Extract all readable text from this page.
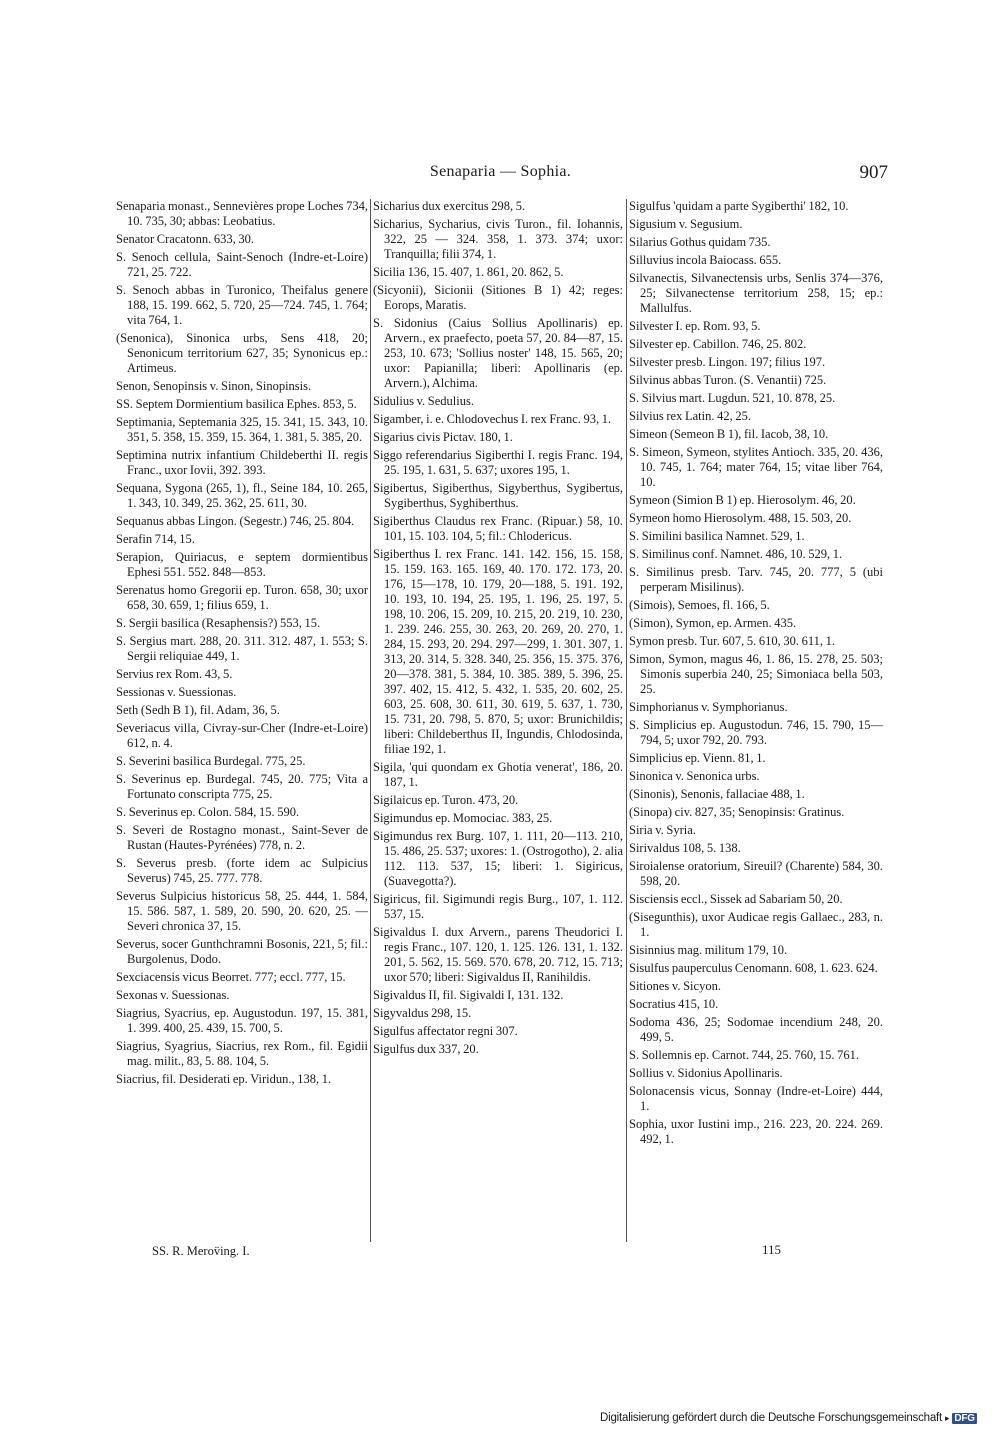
Senaparia — Sophia.	907
Senaparia monast., Sennevières prope Loches 734, 10. 735, 30; abbas: Leobatius.
Senator Cracatonn. 633, 30.
S. Senoch cellula, Saint-Senoch (Indre-et-Loire) 721, 25. 722.
S. Senoch abbas in Turonico, Theifalus genere 188, 15. 199. 662, 5. 720, 25—724. 745, 1. 764; vita 764, 1.
(Senonica), Sinonica urbs, Sens 418, 20; Senonicum territorium 627, 35; Synonicus ep.: Artimeus.
Senon, Senopinsis v. Sinon, Sinopinsis.
SS. Septem Dormientium basilica Ephes. 853, 5.
Septimania, Septemania 325, 15. 341, 15. 343, 10. 351, 5. 358, 15. 359, 15. 364, 1. 381, 5. 385, 20.
Septimina nutrix infantium Childeberthi II. regis Franc., uxor Iovii, 392. 393.
Sequana, Sygona (265, 1), fl., Seine 184, 10. 265, 1. 343, 10. 349, 25. 362, 25. 611, 30.
Sequanus abbas Lingon. (Segestr.) 746, 25. 804.
Serafin 714, 15.
Serapion, Quiriacus, e septem dormientibus Ephesi 551. 552. 848—853.
Serenatus homo Gregorii ep. Turon. 658, 30; uxor 658, 30. 659, 1; filius 659, 1.
S. Sergii basilica (Resaphensis?) 553, 15.
S. Sergius mart. 288, 20. 311. 312. 487, 1. 553; S. Sergii reliquiae 449, 1.
Servius rex Rom. 43, 5.
Sessionas v. Suessionas.
Seth (Sedh B 1), fil. Adam, 36, 5.
Severiacus villa, Civray-sur-Cher (Indre-et-Loire) 612, n. 4.
S. Severini basilica Burdegal. 775, 25.
S. Severinus ep. Burdegal. 745, 20. 775; Vita a Fortunato conscripta 775, 25.
S. Severinus ep. Colon. 584, 15. 590.
S. Severi de Rostagno monast., Saint-Sever de Rustan (Hautes-Pyrénées) 778, n. 2.
S. Severus presb. (forte idem ac Sulpicius Severus) 745, 25. 777. 778.
Severus Sulpicius historicus 58, 25. 444, 1. 584, 15. 586. 587, 1. 589, 20. 590, 20. 620, 25. — Severi chronica 37, 15.
Severus, socer Gunthchramni Bosonis, 221, 5; fil.: Burgolenus, Dodo.
Sexciacensis vicus Beorret. 777; eccl. 777, 15.
Sexonas v. Suessionas.
Siagrius, Syacrius, ep. Augustodun. 197, 15. 381, 1. 399. 400, 25. 439, 15. 700, 5.
Siagrius, Syagrius, Siacrius, rex Rom., fil. Egidii mag. milit., 83, 5. 88. 104, 5.
Siacrius, fil. Desiderati ep. Viridun., 138, 1.
Sicharius dux exercitus 298, 5.
Sicharius, Sycharius, civis Turon., fil. Iohannis, 322, 25 — 324. 358, 1. 373. 374; uxor: Tranquilla; filii 374, 1.
Sicilia 136, 15. 407, 1. 861, 20. 862, 5.
(Sicyonii), Sicionii (Sitiones B 1) 42; reges: Eorops, Maratis.
S. Sidonius (Caius Sollius Apollinaris) ep. Arvern., ex praefecto, poeta 57, 20. 84—87, 15. 253, 10. 673; 'Sollius noster' 148, 15. 565, 20; uxor: Papianilla; liberi: Apollinaris (ep. Arvern.), Alchima.
Sidulius v. Sedulius.
Sigamber, i. e. Chlodovechus I. rex Franc. 93, 1.
Sigarius civis Pictav. 180, 1.
Siggo referendarius Sigiberthi I. regis Franc. 194, 25. 195, 1. 631, 5. 637; uxores 195, 1.
Sigibertus, Sigiberthus, Sigyberthus, Sygibertus, Sygiberthus, Syghiberthus.
Sigiberthus Claudus rex Franc. (Ripuar.) 58, 10. 101, 15. 103. 104, 5; fil.: Chlodericus.
Sigiberthus I. rex Franc. 141. 142. 156, 15. 158, 15. 159. 163. 165. 169, 40. 170. 172. 173, 20. 176, 15—178, 10. 179, 20—188, 5. 191. 192, 10. 193, 10. 194, 25. 195, 1. 196, 25. 197, 5. 198, 10. 206, 15. 209, 10. 215, 20. 219, 10. 230, 1. 239. 246. 255, 30. 263, 20. 269, 20. 270, 1. 284, 15. 293, 20. 294. 297—299, 1. 301. 307, 1. 313, 20. 314, 5. 328. 340, 25. 356, 15. 375. 376, 20—378. 381, 5. 384, 10. 385. 389, 5. 396, 25. 397. 402, 15. 412, 5. 432, 1. 535, 20. 602, 25. 603, 25. 608, 30. 611, 30. 619, 5. 637, 1. 730, 15. 731, 20. 798, 5. 870, 5; uxor: Brunichildis; liberi: Childeberthus II, Ingundis, Chlodosinda, filiae 192, 1.
Sigila, 'qui quondam ex Ghotia venerat', 186, 20. 187, 1.
Sigilaicus ep. Turon. 473, 20.
Sigimundus ep. Momociac. 383, 25.
Sigimundus rex Burg. 107, 1. 111, 20—113. 210, 15. 486, 25. 537; uxores: 1. (Ostrogotho), 2. alia 112. 113. 537, 15; liberi: 1. Sigiricus, (Suavegotta?).
Sigiricus, fil. Sigimundi regis Burg., 107, 1. 112. 537, 15.
Sigivaldus I. dux Arvern., parens Theudorici I. regis Franc., 107. 120, 1. 125. 126. 131, 1. 132. 201, 5. 562, 15. 569. 570. 678, 20. 712, 15. 713; uxor 570; liberi: Sigivaldus II, Ranihildis.
Sigivaldus II, fil. Sigivaldi I, 131. 132.
Sigyvaldus 298, 15.
Sigulfus affectator regni 307.
Sigulfus dux 337, 20.
Sigulfus 'quidam a parte Sygiberthi' 182, 10.
Sigusium v. Segusium.
Silarius Gothus quidam 735.
Silluvius incola Baiocass. 655.
Silvanectis, Silvanectensis urbs, Senlis 374—376, 25; Silvanectense territorium 258, 15; ep.: Mallulfus.
Silvester I. ep. Rom. 93, 5.
Silvester ep. Cabillon. 746, 25. 802.
Silvester presb. Lingon. 197; filius 197.
Silvinus abbas Turon. (S. Venantii) 725.
S. Silvius mart. Lugdun. 521, 10. 878, 25.
Silvius rex Latin. 42, 25.
Simeon (Semeon B 1), fil. Iacob, 38, 10.
S. Simeon, Symeon, stylites Antioch. 335, 20. 436, 10. 745, 1. 764; mater 764, 15; vitae liber 764, 10.
Symeon (Simion B 1) ep. Hierosolym. 46, 20.
Symeon homo Hierosolym. 488, 15. 503, 20.
S. Similini basilica Namnet. 529, 1.
S. Similinus conf. Namnet. 486, 10. 529, 1.
S. Similinus presb. Tarv. 745, 20. 777, 5 (ubi perperam Misilinus).
(Simois), Semoes, fl. 166, 5.
(Simon), Symon, ep. Armen. 435.
Symon presb. Tur. 607, 5. 610, 30. 611, 1.
Simon, Symon, magus 46, 1. 86, 15. 278, 25. 503; Simonis superbia 240, 25; Simoniaca bella 503, 25.
Simphorianus v. Symphorianus.
S. Simplicius ep. Augustodun. 746, 15. 790, 15—794, 5; uxor 792, 20. 793.
Simplicius ep. Vienn. 81, 1.
Sinonica v. Senonica urbs.
(Sinonis), Senonis, fallaciae 488, 1.
(Sinopa) civ. 827, 35; Senopinsis: Gratinus.
Siria v. Syria.
Sirivaldus 108, 5. 138.
Siroialense oratorium, Sireuil? (Charente) 584, 30. 598, 20.
Sisciensis eccl., Sissek ad Sabariam 50, 20.
(Sisegunthis), uxor Audicae regis Gallaec., 283, n. 1.
Sisinnius mag. militum 179, 10.
Sisulfus pauperculus Cenomann. 608, 1. 623. 624.
Sitiones v. Sicyon.
Socratius 415, 10.
Sodoma 436, 25; Sodomae incendium 248, 20. 499, 5.
S. Sollemnis ep. Carnot. 744, 25. 760, 15. 761.
Sollius v. Sidonius Apollinaris.
Solonacensis vicus, Sonnay (Indre-et-Loire) 444, 1.
Sophia, uxor Iustini imp., 216. 223, 20. 224. 269. 492, 1.
SS. R. Merov̈ing. I.	115
Digitalisierung gefördert durch die Deutsche Forschungsgemeinschaft ▸ DFG
